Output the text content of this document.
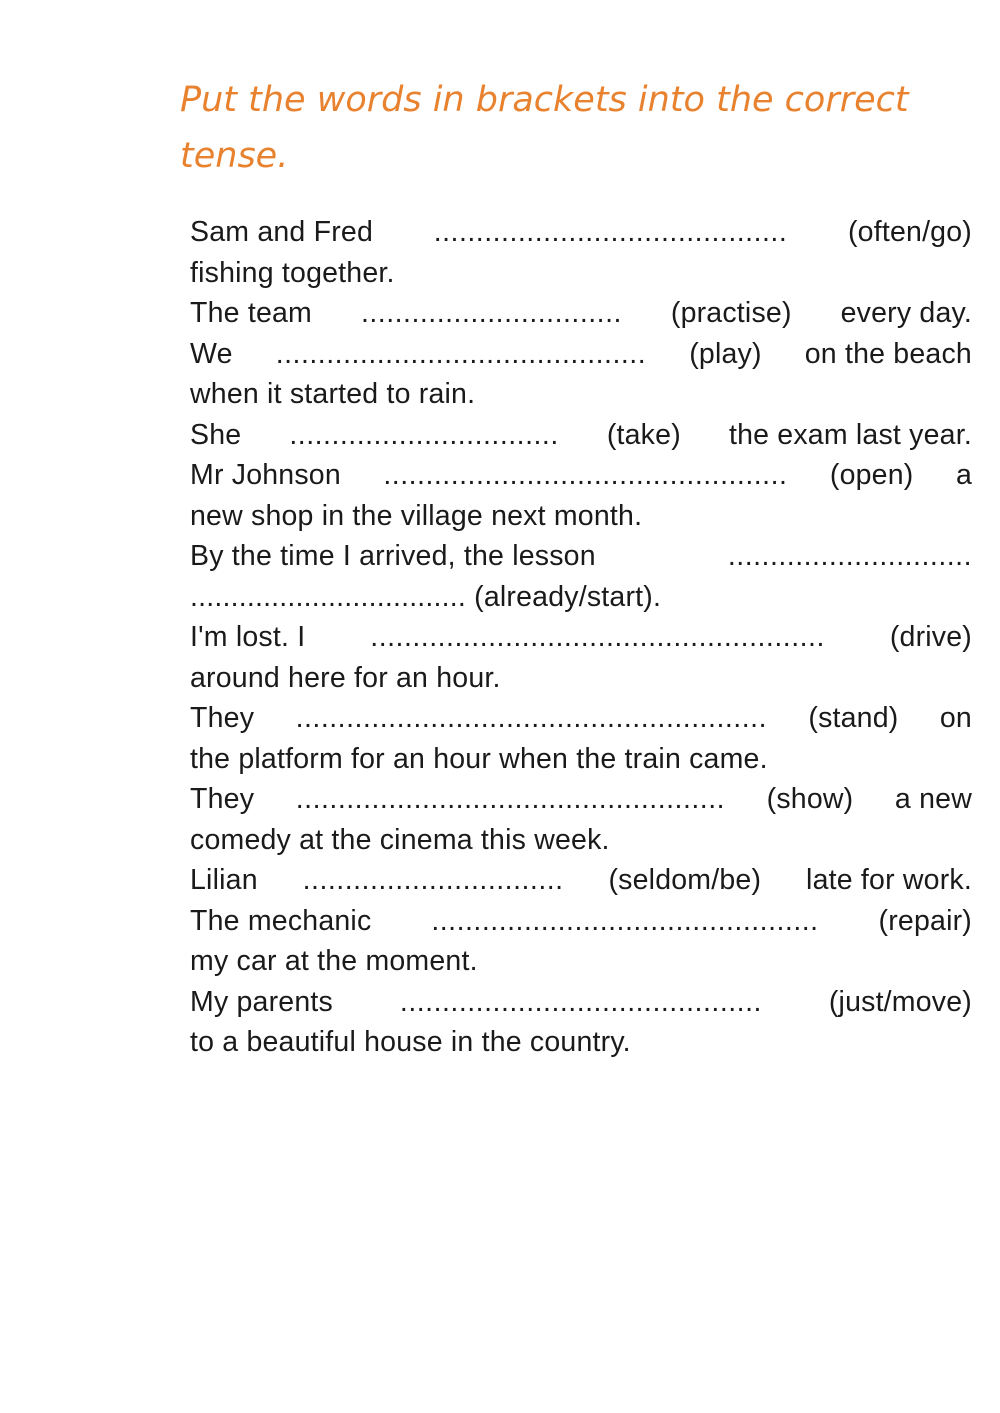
Put the words in brackets into the correct tense.
Sam and Fred .......................................... (often/go)
fishing together.
The team ............................... (practise) every day.
We ............................................ (play) on the beach
when it started to rain.
She ................................ (take) the exam last year.
Mr Johnson ................................................ (open) a
new shop in the village next month.
By the time I arrived, the lesson	.............................
.................................. (already/start).
I'm lost. I ...................................................... (drive)
around here for an hour.
They ........................................................ (stand) on
the platform for an hour when the train came.
They ................................................... (show) a new
comedy at the cinema this week.
Lilian ............................... (seldom/be) late for work.
The mechanic .............................................. (repair)
my car at the moment.
My parents ........................................... (just/move)
to a beautiful house in the country.
